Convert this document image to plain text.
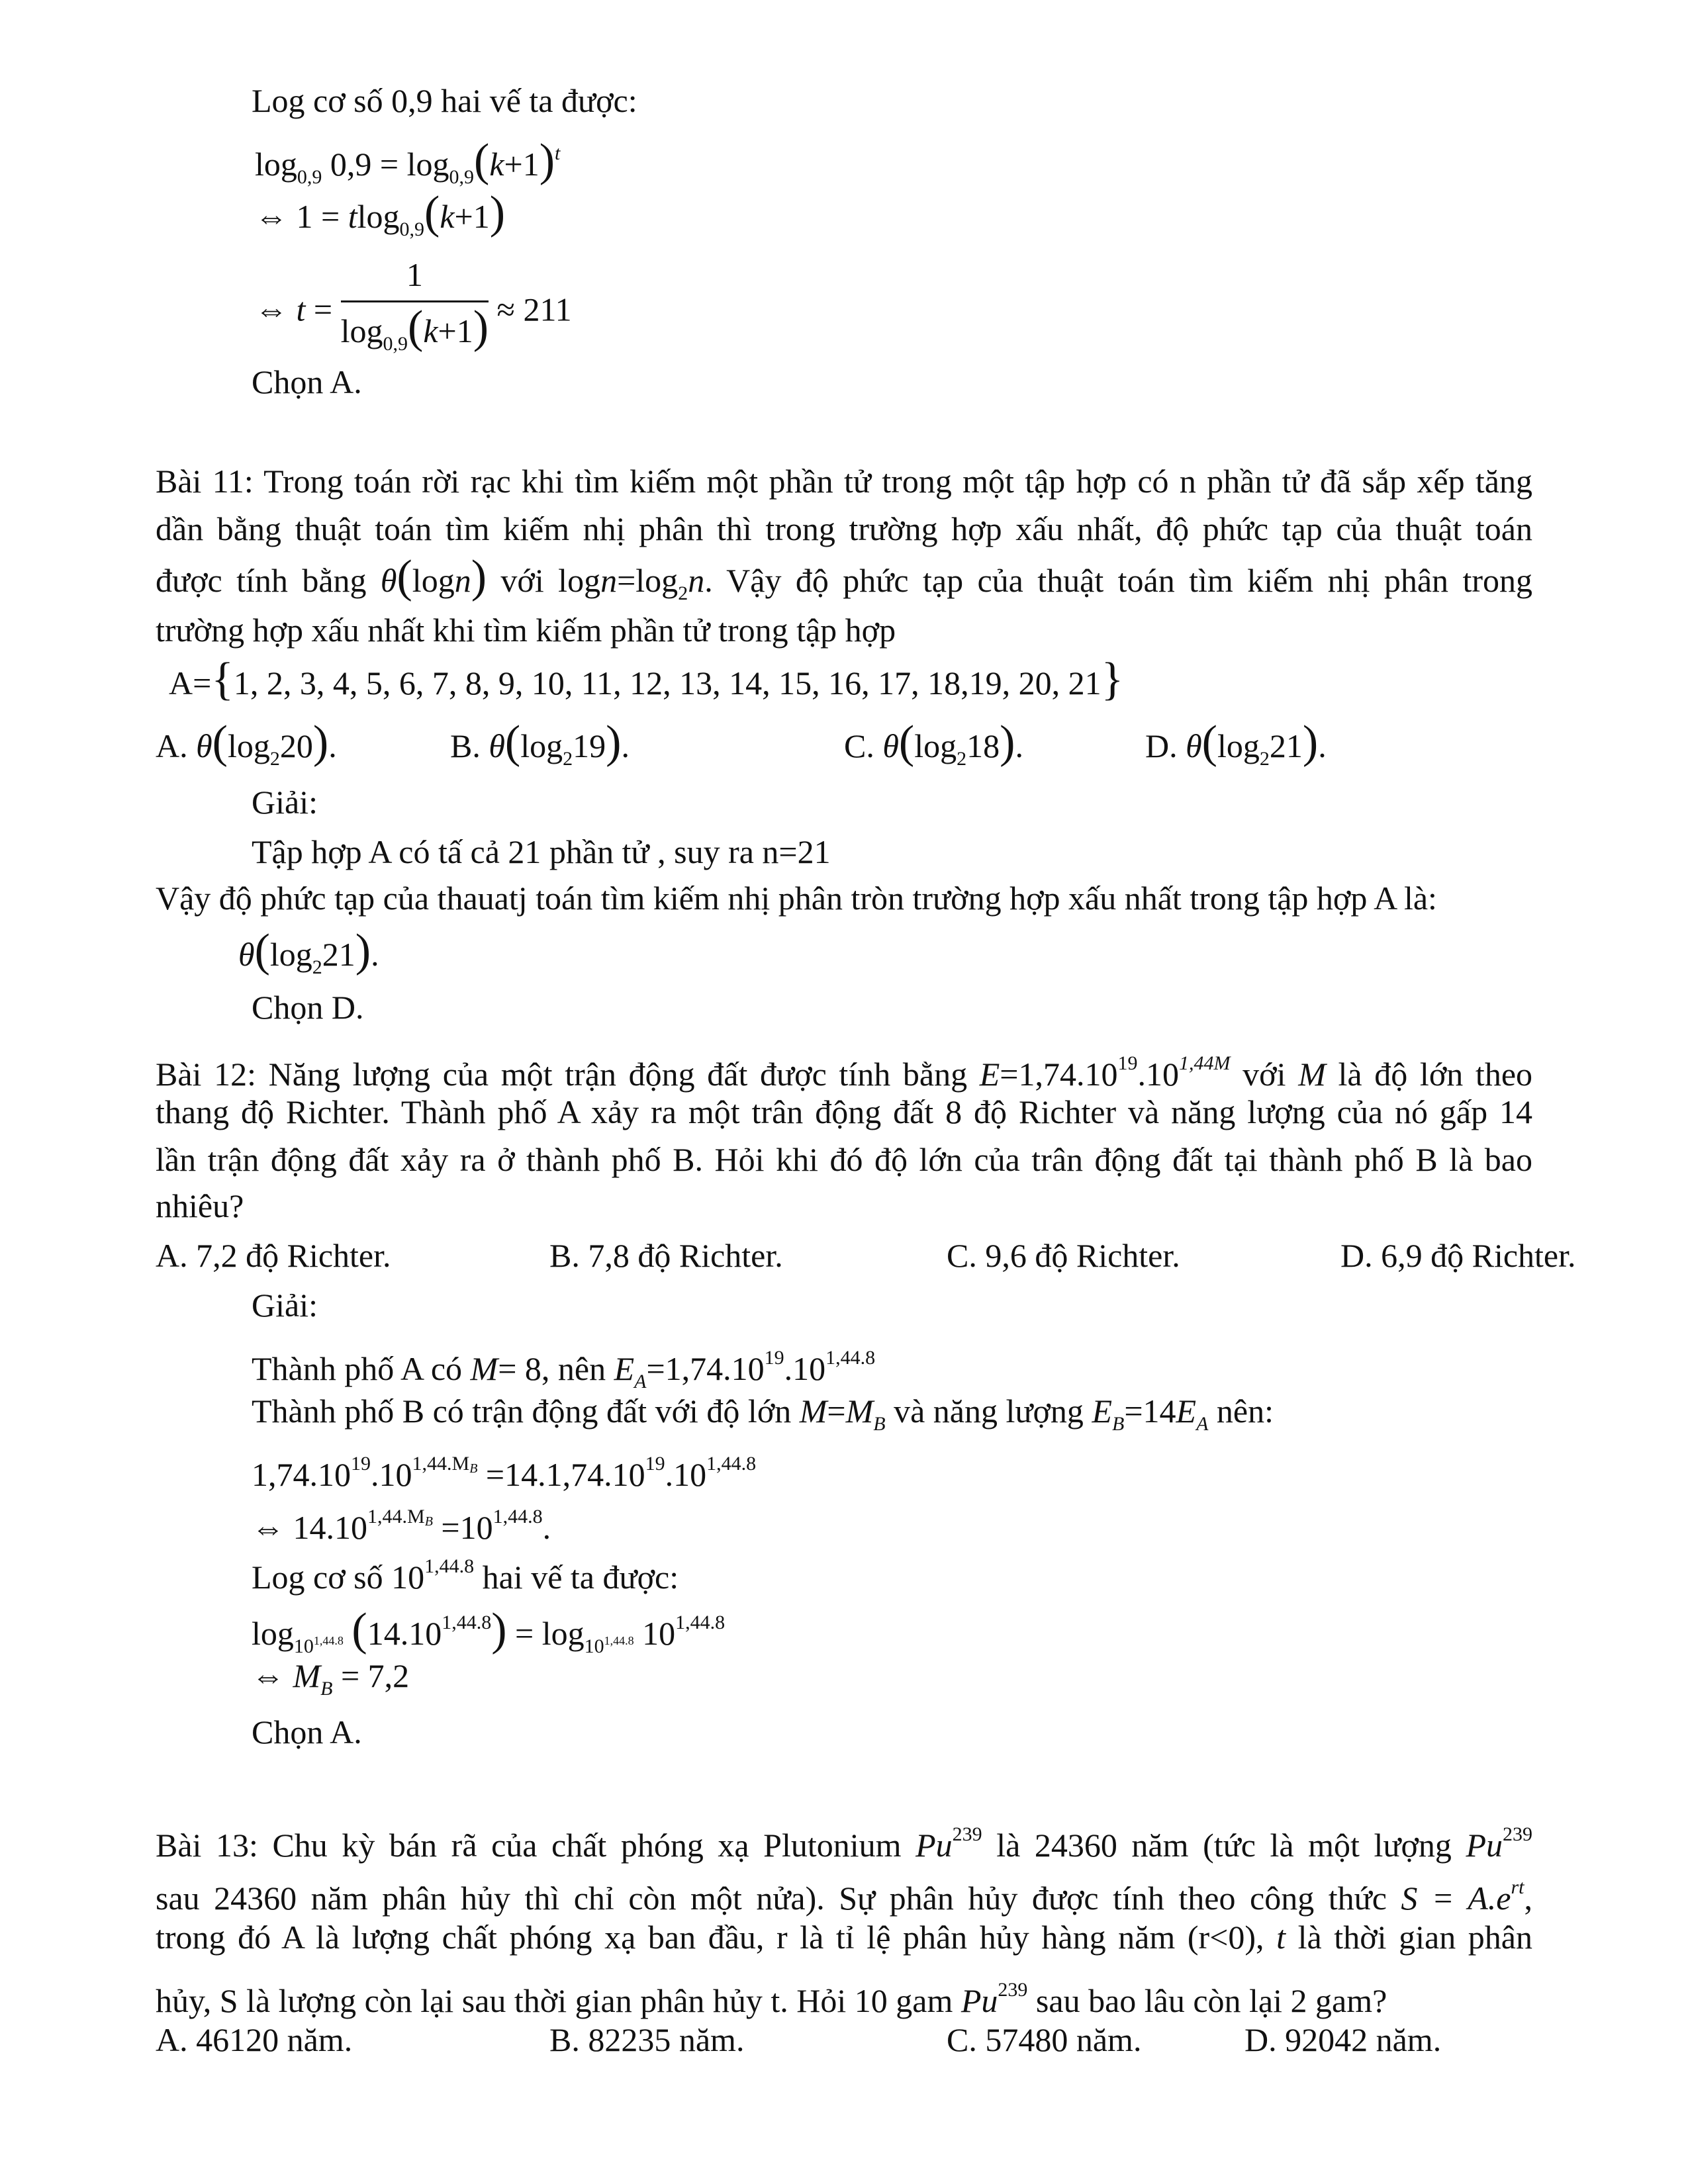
Log cơ số 0,9 hai vế ta được:
$\log_{0,9} 0,9 = \log_{0,9}(k+1)^t$
⇔ 1 = tlog$_{0,9}$(k+1)
⇔ $t = \frac{1}{\log_{0,9}(k+1)} \approx 211$
Chọn A.
Bài 11: Trong toán rời rạc khi tìm kiếm một phần tử trong một tập hợp có n phần tử đã sắp xếp tăng
dần bằng thuật toán tìm kiếm nhị phân thì trong trường hợp xấu nhất, độ phức tạp của thuật toán
được tính bằng θ(logn) với $\log n=\log_2n$. Vậy độ phức tạp của thuật toán tìm kiếm nhị phân trong
trường hợp xấu nhất khi tìm kiếm phần tử trong tập hợp
A={1, 2, 3, 4, 5, 6, 7, 8, 9, 10, 11, 12, 13, 14, 15, 16, 17, 18,19, 20, 21}
A. $\theta(\log_220)$.	B. $\theta(\log_219)$.	C. $\theta(\log_218)$.	D. $\theta(\log_221)$.
Giải:
Tập hợp A có tấ cả 21 phần tử , suy ra n=21
Vậy độ phức tạp của thauatj toán tìm kiếm nhị phân tròn trường hợp xấu nhất trong tập hợp A là:
$\theta(\log_221)$.
Chọn D.
Bài 12: Năng lượng của một trận động đất được tính bằng $E=1,74.10^{19}.10^{1,44M}$ với M là độ lớn theo
thang độ Richter. Thành phố A xảy ra một trân động đất 8 độ Richter và năng lượng của nó gấp 14
lần trận động đất xảy ra ở thành phố B. Hỏi khi đó độ lớn của trân động đất tại thành phố B là bao
nhiêu?
A. 7,2 độ Richter.	B. 7,8 độ Richter.	C. 9,6 độ Richter.	D. 6,9 độ Richter.
Giải:
Thành phố A có M= 8, nên $E_A=1,74.10^{19}.10^{1,44.8}$
Thành phố B có trận động đất với độ lớn $M=M_B$ và năng lượng $E_B=14E_A$ nên:
$1,74.10^{19}.10^{1,44.MB} =14.1,74.10^{19}.10^{1,44.8}$
⇔ $14.10^{1,44.MB} =10^{1,44.8}$.
Log cơ số $10^{1,44.8}$ hai vế ta được:
$\log_{10^{1,44.8}} (14.10^{1,44.8}) = \log_{10^{1,44.8}} 10^{1,44.8}$
⇔ $M_B = 7,2$
Chọn A.
Bài 13: Chu kỳ bán rã của chất phóng xạ Plutonium Pu$^{239}$ là 24360 năm (tức là một lượng Pu$^{239}$
sau 24360 năm phân hủy thì chỉ còn một nửa). Sự phân hủy được tính theo công thức $S = A.e^{rt}$,
trong đó A là lượng chất phóng xạ ban đầu, r là tỉ lệ phân hủy hàng năm (r<0), t là thời gian phân
hủy, S là lượng còn lại sau thời gian phân hủy t. Hỏi 10 gam Pu$^{239}$ sau bao lâu còn lại 2 gam?
A. 46120 năm.	B. 82235 năm.	C. 57480 năm.	D. 92042 năm.
